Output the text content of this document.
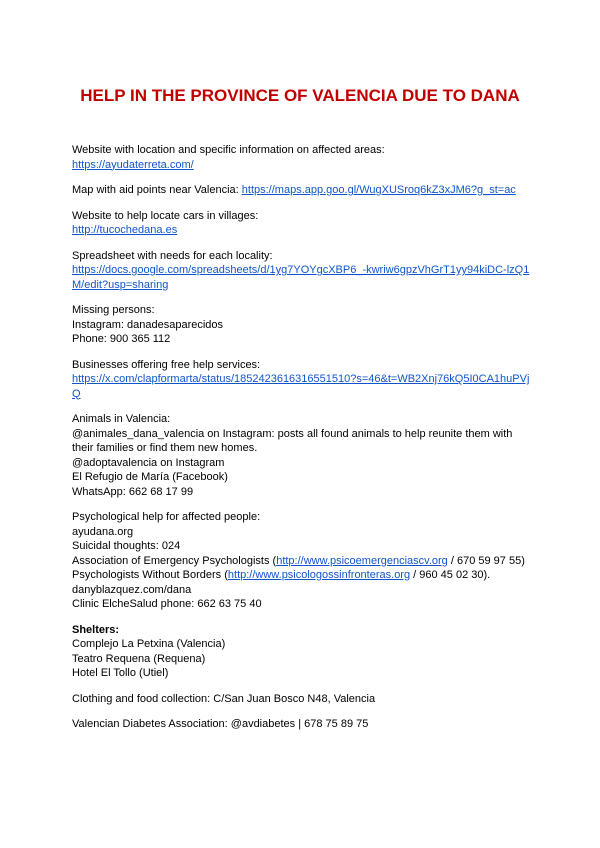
HELP IN THE PROVINCE OF VALENCIA DUE TO DANA
Website with location and specific information on affected areas:
https://ayudaterreta.com/
Map with aid points near Valencia: https://maps.app.goo.gl/WugXUSroq6kZ3xJM6?g_st=ac
Website to help locate cars in villages:
http://tucochedana.es
Spreadsheet with needs for each locality:
https://docs.google.com/spreadsheets/d/1yg7YOYgcXBP6_-kwriw6gpzVhGrT1yy94kiDC-lzQ1M/edit?usp=sharing
Missing persons:
Instagram: danadesaparecidos
Phone: 900 365 112
Businesses offering free help services:
https://x.com/clapformarta/status/1852423616316551510?s=46&t=WB2Xnj76kQ5I0CA1huPVjQ
Animals in Valencia:
@animales_dana_valencia on Instagram: posts all found animals to help reunite them with their families or find them new homes.
@adoptavalencia on Instagram
El Refugio de María (Facebook)
WhatsApp: 662 68 17 99
Psychological help for affected people:
ayudana.org
Suicidal thoughts: 024
Association of Emergency Psychologists (http://www.psicoemergenciascv.org / 670 59 97 55)
Psychologists Without Borders (http://www.psicologossinfronteras.org / 960 45 02 30).
danyblazquez.com/dana
Clinic ElcheSalud phone: 662 63 75 40
Shelters:
Complejo La Petxina (Valencia)
Teatro Requena (Requena)
Hotel El Tollo (Utiel)
Clothing and food collection: C/San Juan Bosco N48, Valencia
Valencian Diabetes Association: @avdiabetes | 678 75 89 75
